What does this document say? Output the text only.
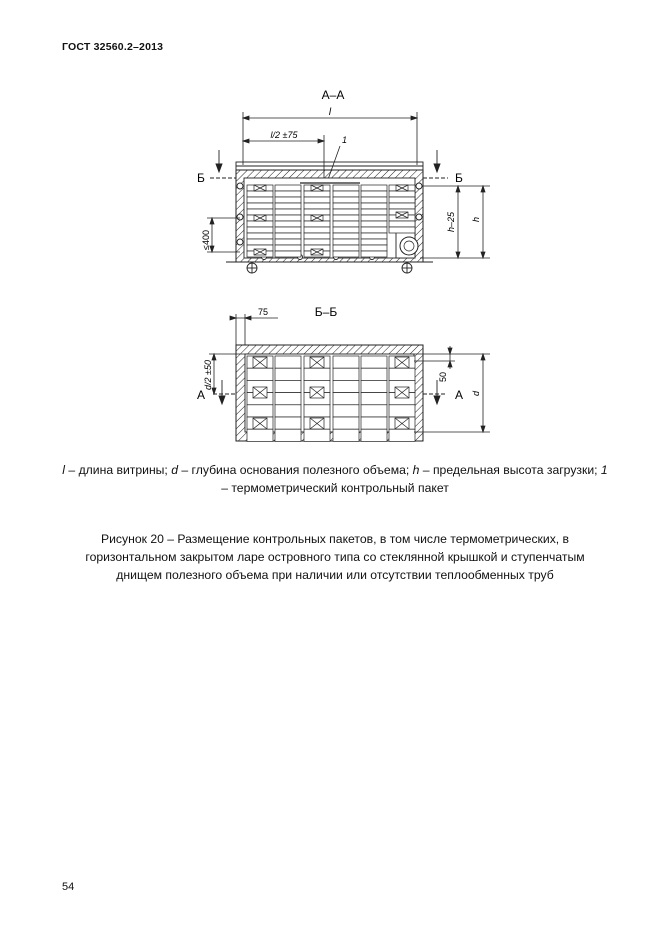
ГОСТ 32560.2–2013
А–А
l
l/2 ±75	1
Б	Б
h–25 h
≤400
Б–Б
75
А	А
d/2 ±50	50
d
l – длина витрины; d – глубина основания полезного объема; h – предельная высота загрузки; 1 – термометрический контрольный пакет
Рисунок 20 – Размещение контрольных пакетов, в том числе термометрических, в горизонтальном закрытом ларе островного типа со стеклянной крышкой и ступенчатым днищем полезного объема при наличии или отсутствии теплообменных труб
54
